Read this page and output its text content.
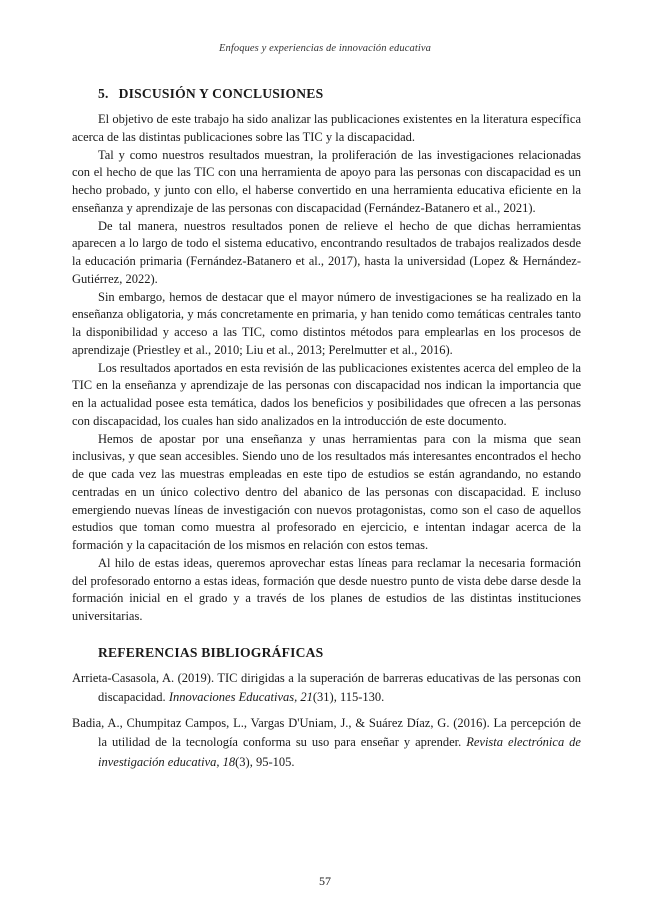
Enfoques y experiencias de innovación educativa
5. DISCUSIÓN Y CONCLUSIONES

El objetivo de este trabajo ha sido analizar las publicaciones existentes en la literatura específica acerca de las distintas publicaciones sobre las TIC y la discapacidad.

Tal y como nuestros resultados muestran, la proliferación de las investigaciones relacionadas con el hecho de que las TIC con una herramienta de apoyo para las personas con discapacidad es un hecho probado, y junto con ello, el haberse convertido en una herramienta educativa eficiente en la enseñanza y aprendizaje de las personas con discapacidad (Fernández-Batanero et al., 2021).

De tal manera, nuestros resultados ponen de relieve el hecho de que dichas herramientas aparecen a lo largo de todo el sistema educativo, encontrando resultados de trabajos realizados desde la educación primaria (Fernández-Batanero et al., 2017), hasta la universidad (Lopez & Hernández-Gutiérrez, 2022).

Sin embargo, hemos de destacar que el mayor número de investigaciones se ha realizado en la enseñanza obligatoria, y más concretamente en primaria, y han tenido como temáticas centrales tanto la disponibilidad y acceso a las TIC, como distintos métodos para emplearlas en los procesos de aprendizaje (Priestley et al., 2010; Liu et al., 2013; Perelmutter et al., 2016).

Los resultados aportados en esta revisión de las publicaciones existentes acerca del empleo de la TIC en la enseñanza y aprendizaje de las personas con discapacidad nos indican la importancia que en la actualidad posee esta temática, dados los beneficios y posibilidades que ofrecen a las personas con discapacidad, los cuales han sido analizados en la introducción de este documento.

Hemos de apostar por una enseñanza y unas herramientas para con la misma que sean inclusivas, y que sean accesibles. Siendo uno de los resultados más interesantes encontrados el hecho de que cada vez las muestras empleadas en este tipo de estudios se están agrandando, no estando centradas en un único colectivo dentro del abanico de las personas con discapacidad. E incluso emergiendo nuevas líneas de investigación con nuevos protagonistas, como son el caso de aquellos estudios que toman como muestra al profesorado en ejercicio, e intentan indagar acerca de la formación y la capacitación de los mismos en relación con estos temas.

Al hilo de estas ideas, queremos aprovechar estas líneas para reclamar la necesaria formación del profesorado entorno a estas ideas, formación que desde nuestro punto de vista debe darse desde la formación inicial en el grado y a través de los planes de estudios de las distintas instituciones universitarias.

REFERENCIAS BIBLIOGRÁFICAS

Arrieta-Casasola, A. (2019). TIC dirigidas a la superación de barreras educativas de las personas con discapacidad. Innovaciones Educativas, 21(31), 115-130.

Badia, A., Chumpitaz Campos, L., Vargas D'Uniam, J., & Suárez Díaz, G. (2016). La percepción de la utilidad de la tecnología conforma su uso para enseñar y aprender. Revista electrónica de investigación educativa, 18(3), 95-105.

57
